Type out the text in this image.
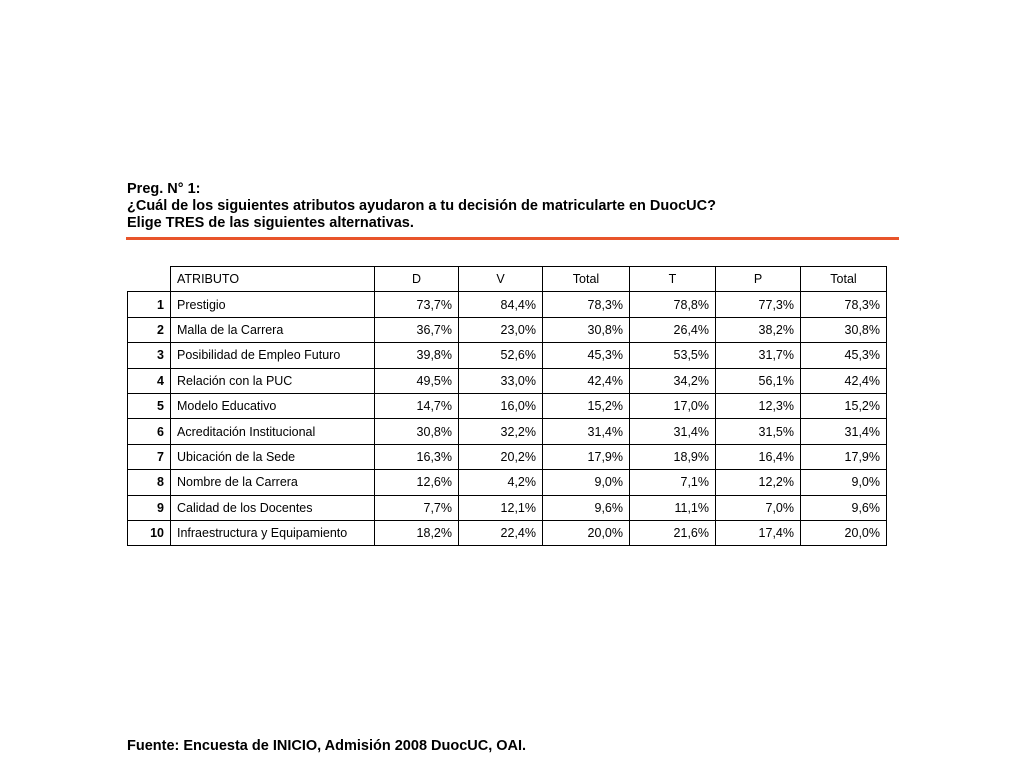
Preg. N° 1:
¿Cuál de los siguientes atributos ayudaron a tu decisión de matricularte en DuocUC?
Elige TRES de las siguientes alternativas.
	ATRIBUTO	D	V	Total	T	P	Total
1	Prestigio	73,7%	84,4%	78,3%	78,8%	77,3%	78,3%
2	Malla de la Carrera	36,7%	23,0%	30,8%	26,4%	38,2%	30,8%
3	Posibilidad de Empleo Futuro	39,8%	52,6%	45,3%	53,5%	31,7%	45,3%
4	Relación con la PUC	49,5%	33,0%	42,4%	34,2%	56,1%	42,4%
5	Modelo Educativo	14,7%	16,0%	15,2%	17,0%	12,3%	15,2%
6	Acreditación Institucional	30,8%	32,2%	31,4%	31,4%	31,5%	31,4%
7	Ubicación de la Sede	16,3%	20,2%	17,9%	18,9%	16,4%	17,9%
8	Nombre de la Carrera	12,6%	4,2%	9,0%	7,1%	12,2%	9,0%
9	Calidad de los Docentes	7,7%	12,1%	9,6%	11,1%	7,0%	9,6%
10	Infraestructura y Equipamiento	18,2%	22,4%	20,0%	21,6%	17,4%	20,0%
Fuente: Encuesta de INICIO, Admisión 2008 DuocUC, OAI.
